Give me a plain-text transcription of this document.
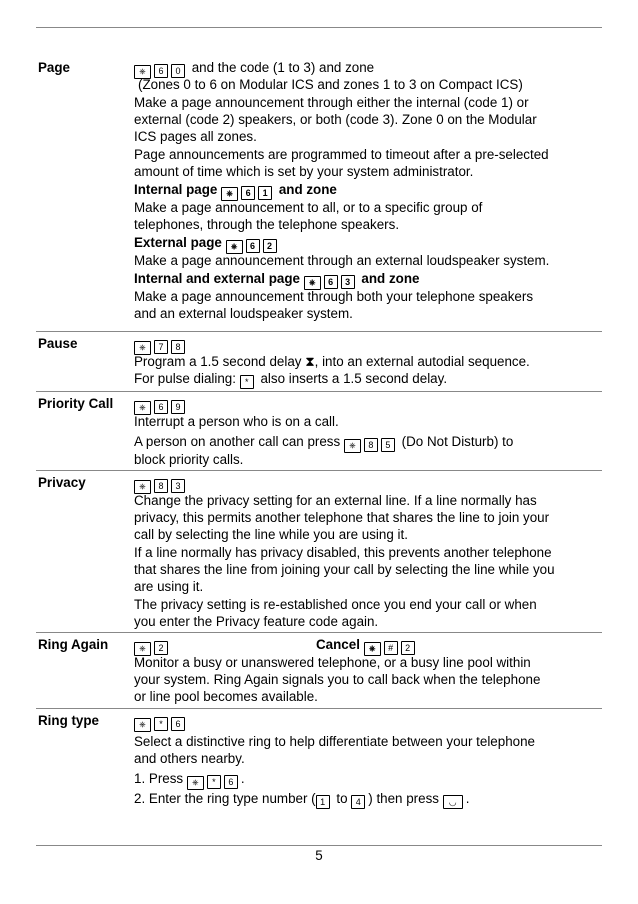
Page	⎈ 6 0 and the code (1 to 3) and zone
(Zones 0 to 6 on Modular ICS and zones 1 to 3 on Compact ICS)
Make a page announcement through either the internal (code 1) or
external (code 2) speakers, or both (code 3). Zone 0 on the Modular
ICS pages all zones.
Page announcements are programmed to timeout after a pre-selected
amount of time which is set by your system administrator.
Internal page ⎈ 6 1 and zone
Make a page announcement to all, or to a specific group of
telephones, through the telephone speakers.
External page ⎈ 6 2
Make a page announcement through an external loudspeaker system.
Internal and external page ⎈ 6 3 and zone
Make a page announcement through both your telephone speakers
and an external loudspeaker system.
Pause	⎈ 7 8
Program a 1.5 second delay ⧗, into an external autodial sequence.
For pulse dialing: * also inserts a 1.5 second delay.
Priority Call	⎈ 6 9
Interrupt a person who is on a call.
A person on another call can press ⎈ 8 5 (Do Not Disturb) to
block priority calls.
Privacy	⎈ 8 3
Change the privacy setting for an external line. If a line normally has
privacy, this permits another telephone that shares the line to join your
call by selecting the line while you are using it.
If a line normally has privacy disabled, this prevents another telephone
that shares the line from joining your call by selecting the line while you
are using it.
The privacy setting is re-established once you end your call or when
you enter the Privacy feature code again.
Ring Again	⎈ 2	Cancel ⎈ # 2
Monitor a busy or unanswered telephone, or a busy line pool within
your system. Ring Again signals you to call back when the telephone
or line pool becomes available.
Ring type	⎈ * 6
Select a distinctive ring to help differentiate between your telephone
and others nearby.
1. Press ⎈ * 6 .
2. Enter the ring type number ( 1 to 4 ) then press ◡ .
5
